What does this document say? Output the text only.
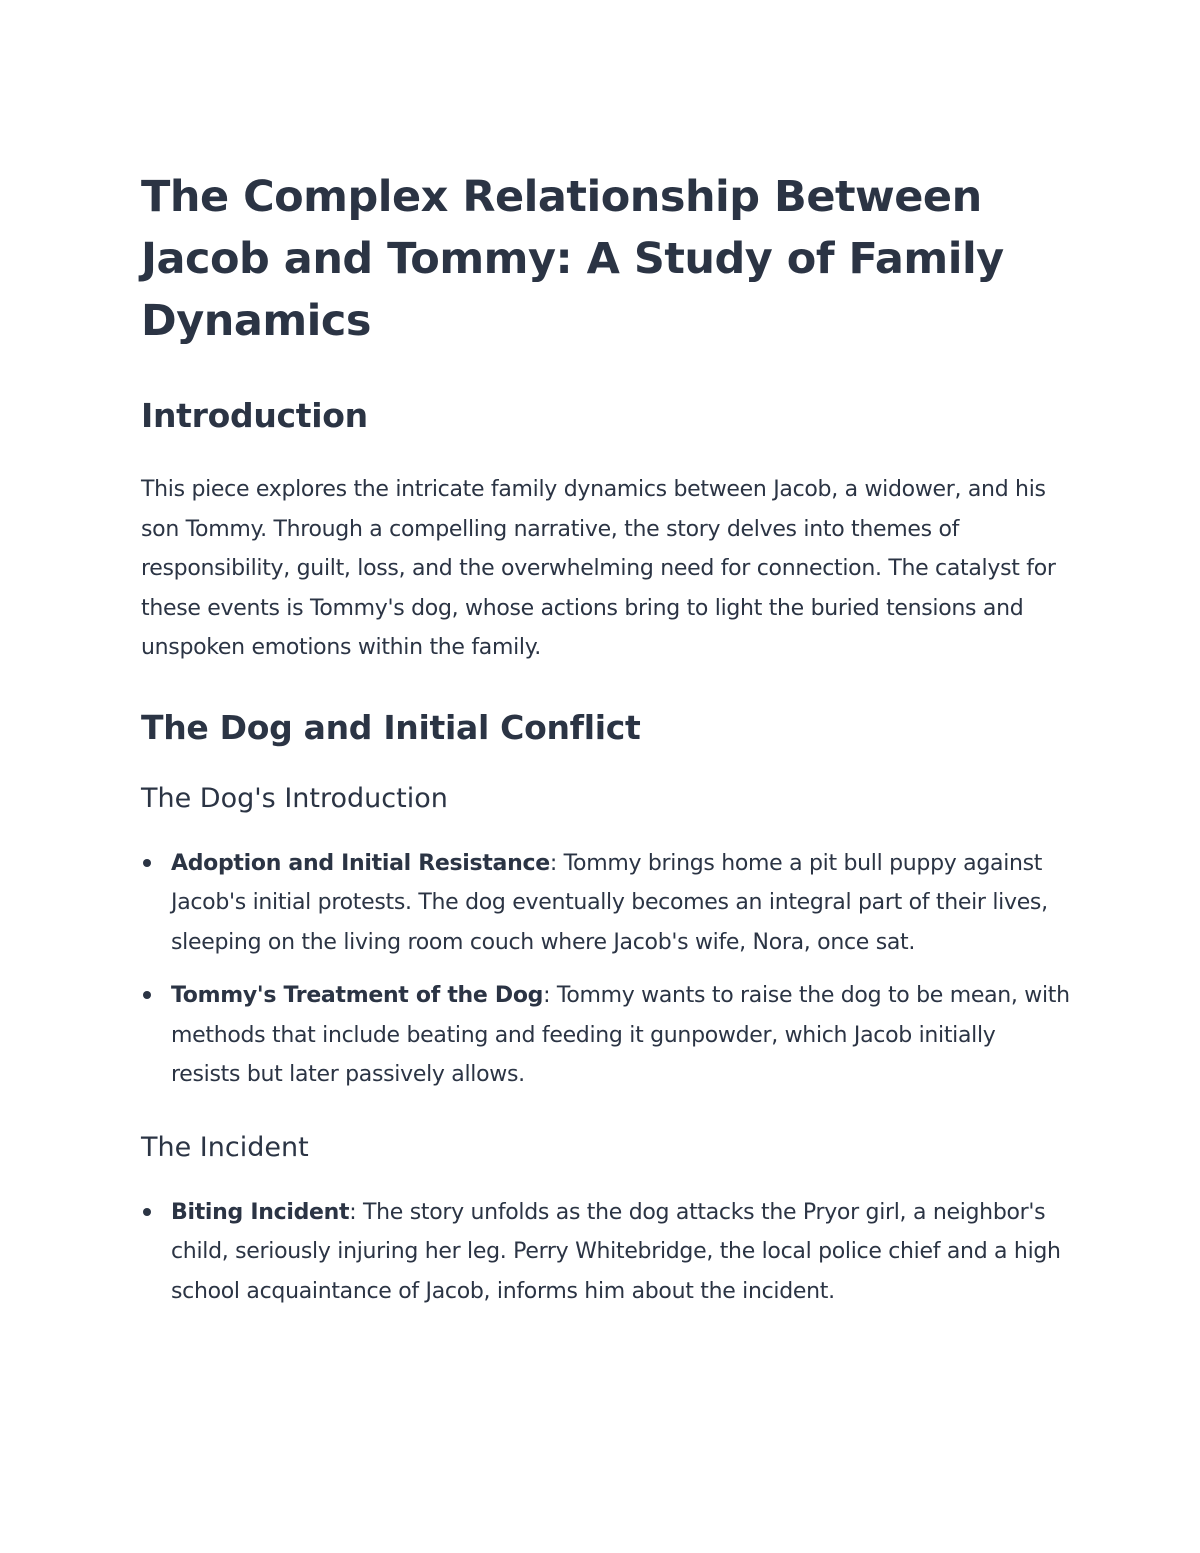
The Complex Relationship Between Jacob and Tommy: A Study of Family Dynamics
Introduction

This piece explores the intricate family dynamics between Jacob, a widower, and his son Tommy. Through a compelling narrative, the story delves into themes of responsibility, guilt, loss, and the overwhelming need for connection. The catalyst for these events is Tommy's dog, whose actions bring to light the buried tensions and unspoken emotions within the family.

The Dog and Initial Conflict
The Dog's Introduction
Adoption and Initial Resistance: Tommy brings home a pit bull puppy against Jacob's initial protests. The dog eventually becomes an integral part of their lives, sleeping on the living room couch where Jacob's wife, Nora, once sat.
Tommy's Treatment of the Dog: Tommy wants to raise the dog to be mean, with methods that include beating and feeding it gunpowder, which Jacob initially resists but later passively allows.
The Incident
Biting Incident: The story unfolds as the dog attacks the Pryor girl, a neighbor's child, seriously injuring her leg. Perry Whitebridge, the local police chief and a high school acquaintance of Jacob, informs him about the incident.
